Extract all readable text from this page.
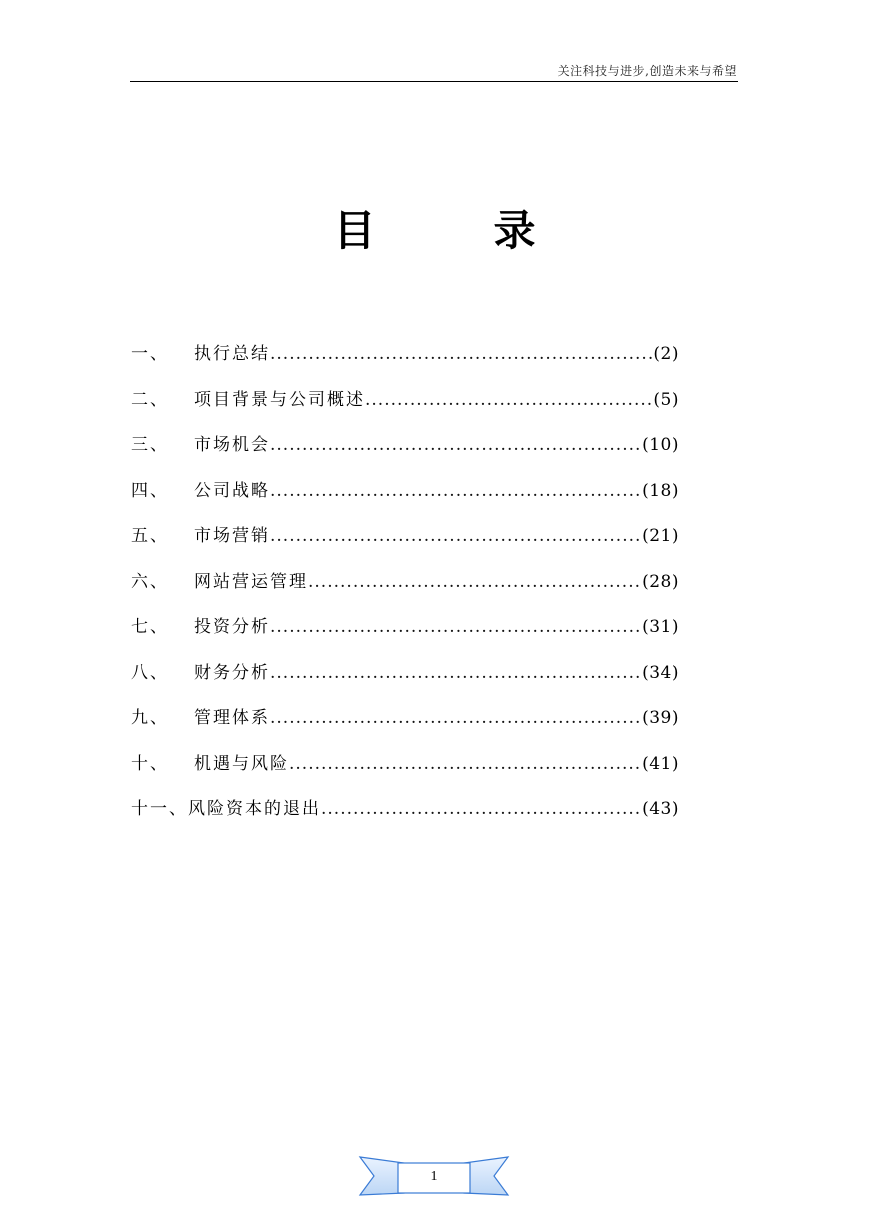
关注科技与进步,创造未来与希望
目	录
一、	执行总结 .....	(2)
二、	项目背景与公司概述 .....	(5)
三、	市场机会 .....	(10)
四、	公司战略 .....	(18)
五、	市场营销 .....	(21)
六、	网站营运管理 .....	(28)
七、	投资分析 .....	(31)
八、	财务分析 .....	(34)
九、	管理体系 .....	(39)
十、	机遇与风险 .....	(41)
十一、 风险资本的退出 .....	(43)
1
